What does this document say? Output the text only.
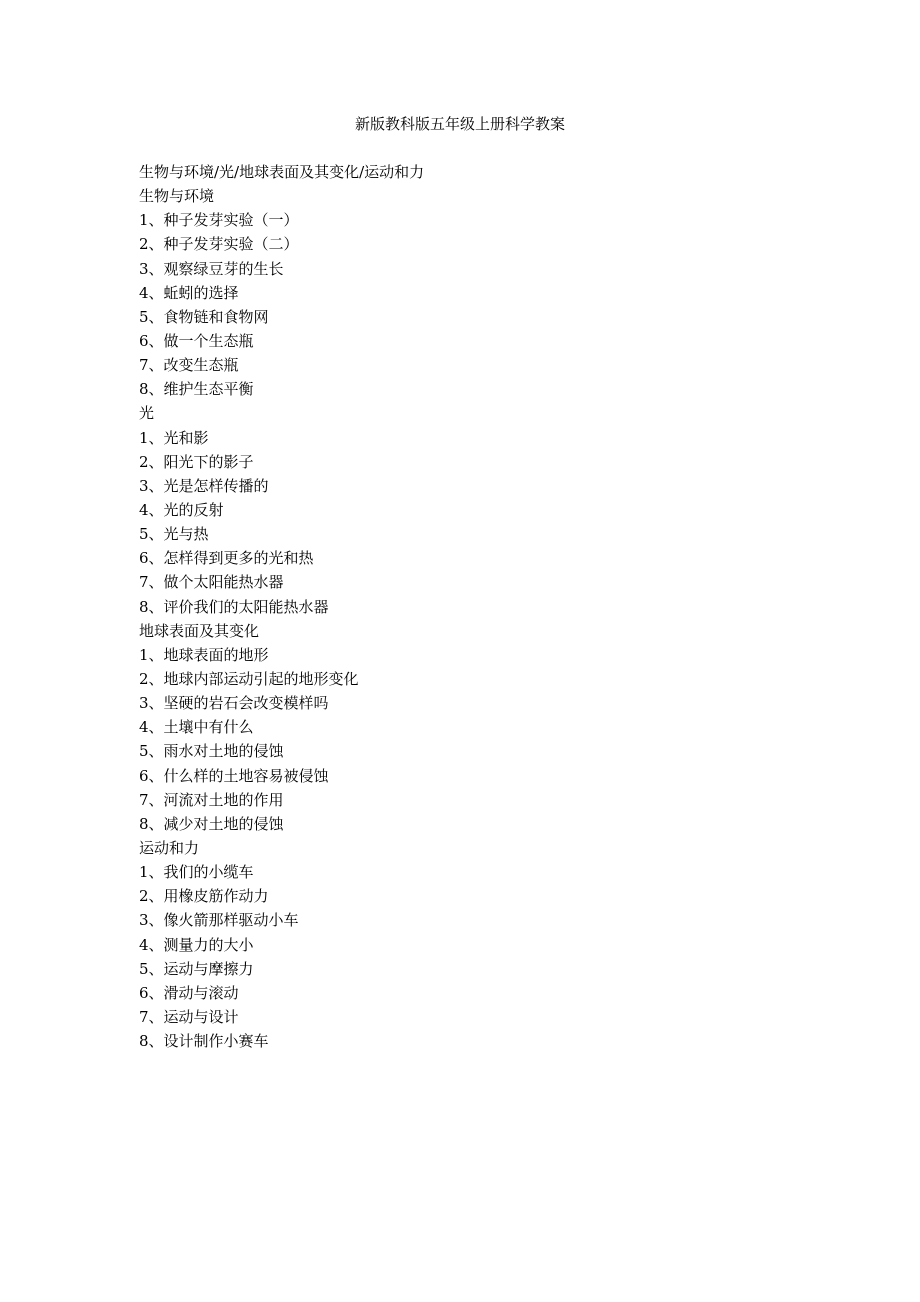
新版教科版五年级上册科学教案
生物与环境/光/地球表面及其变化/运动和力
生物与环境
1、种子发芽实验（一）
2、种子发芽实验（二）
3、观察绿豆芽的生长
4、蚯蚓的选择
5、食物链和食物网
6、做一个生态瓶
7、改变生态瓶
8、维护生态平衡
光
1、光和影
2、阳光下的影子
3、光是怎样传播的
4、光的反射
5、光与热
6、怎样得到更多的光和热
7、做个太阳能热水器
8、评价我们的太阳能热水器
地球表面及其变化
1、地球表面的地形
2、地球内部运动引起的地形变化
3、坚硬的岩石会改变模样吗
4、土壤中有什么
5、雨水对土地的侵蚀
6、什么样的土地容易被侵蚀
7、河流对土地的作用
8、减少对土地的侵蚀
运动和力
1、我们的小缆车
2、用橡皮筋作动力
3、像火箭那样驱动小车
4、测量力的大小
5、运动与摩擦力
6、滑动与滚动
7、运动与设计
8、设计制作小赛车
